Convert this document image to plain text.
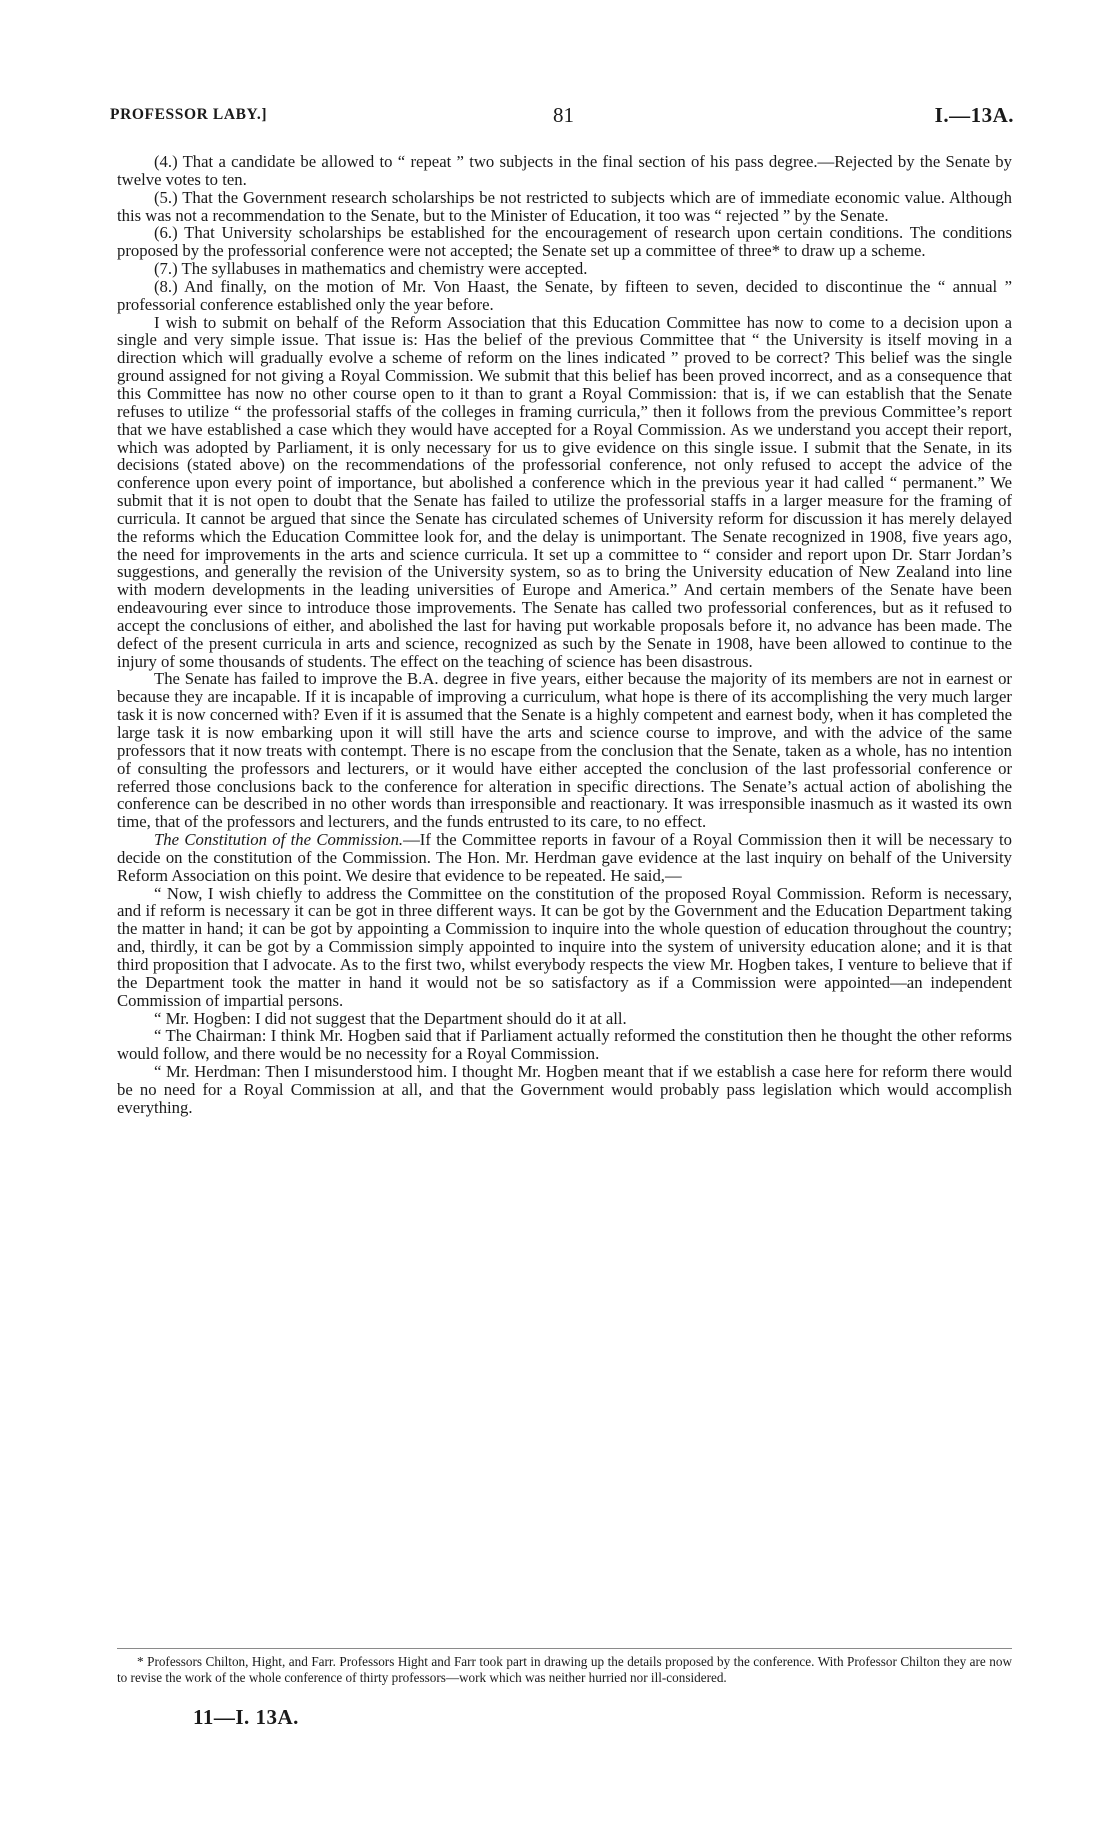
PROFESSOR LABY.]	81	I.—13A.

(4.) That a candidate be allowed to “ repeat ” two subjects in the final section of his pass degree.—Rejected by the Senate by twelve votes to ten.

(5.) That the Government research scholarships be not restricted to subjects which are of immediate economic value. Although this was not a recommendation to the Senate, but to the Minister of Education, it too was “ rejected ” by the Senate.

(6.) That University scholarships be established for the encouragement of research upon certain conditions. The conditions proposed by the professorial conference were not accepted; the Senate set up a committee of three* to draw up a scheme.

(7.) The syllabuses in mathematics and chemistry were accepted.

(8.) And finally, on the motion of Mr. Von Haast, the Senate, by fifteen to seven, decided to discontinue the “ annual ” professorial conference established only the year before.

I wish to submit on behalf of the Reform Association that this Education Committee has now to come to a decision upon a single and very simple issue. That issue is: Has the belief of the previous Committee that “ the University is itself moving in a direction which will gradually evolve a scheme of reform on the lines indicated ” proved to be correct? This belief was the single ground assigned for not giving a Royal Commission. We submit that this belief has been proved incorrect, and as a consequence that this Committee has now no other course open to it than to grant a Royal Commission: that is, if we can establish that the Senate refuses to utilize “ the professorial staffs of the colleges in framing curricula,” then it follows from the previous Committee’s report that we have established a case which they would have accepted for a Royal Commission. As we understand you accept their report, which was adopted by Parliament, it is only necessary for us to give evidence on this single issue. I submit that the Senate, in its decisions (stated above) on the recommendations of the professorial conference, not only refused to accept the advice of the conference upon every point of importance, but abolished a conference which in the previous year it had called “ permanent.” We submit that it is not open to doubt that the Senate has failed to utilize the professorial staffs in a larger measure for the framing of curricula. It cannot be argued that since the Senate has circulated schemes of University reform for discussion it has merely delayed the reforms which the Education Committee look for, and the delay is unimportant. The Senate recognized in 1908, five years ago, the need for improvements in the arts and science curricula. It set up a committee to “ consider and report upon Dr. Starr Jordan’s suggestions, and generally the revision of the University system, so as to bring the University education of New Zealand into line with modern developments in the leading universities of Europe and America.” And certain members of the Senate have been endeavouring ever since to introduce those improvements. The Senate has called two professorial conferences, but as it refused to accept the conclusions of either, and abolished the last for having put workable proposals before it, no advance has been made. The defect of the present curricula in arts and science, recognized as such by the Senate in 1908, have been allowed to continue to the injury of some thousands of students. The effect on the teaching of science has been disastrous.

The Senate has failed to improve the B.A. degree in five years, either because the majority of its members are not in earnest or because they are incapable. If it is incapable of improving a curriculum, what hope is there of its accomplishing the very much larger task it is now concerned with? Even if it is assumed that the Senate is a highly competent and earnest body, when it has completed the large task it is now embarking upon it will still have the arts and science course to improve, and with the advice of the same professors that it now treats with contempt. There is no escape from the conclusion that the Senate, taken as a whole, has no intention of consulting the professors and lecturers, or it would have either accepted the conclusion of the last professorial conference or referred those conclusions back to the conference for alteration in specific directions. The Senate’s actual action of abolishing the conference can be described in no other words than irresponsible and reactionary. It was irresponsible inasmuch as it wasted its own time, that of the professors and lecturers, and the funds entrusted to its care, to no effect.

The Constitution of the Commission.—If the Committee reports in favour of a Royal Commission then it will be necessary to decide on the constitution of the Commission. The Hon. Mr. Herdman gave evidence at the last inquiry on behalf of the University Reform Association on this point. We desire that evidence to be repeated. He said,—

“ Now, I wish chiefly to address the Committee on the constitution of the proposed Royal Commission. Reform is necessary, and if reform is necessary it can be got in three different ways. It can be got by the Government and the Education Department taking the matter in hand; it can be got by appointing a Commission to inquire into the whole question of education throughout the country; and, thirdly, it can be got by a Commission simply appointed to inquire into the system of university education alone; and it is that third proposition that I advocate. As to the first two, whilst everybody respects the view Mr. Hogben takes, I venture to believe that if the Department took the matter in hand it would not be so satisfactory as if a Commission were appointed—an independent Commission of impartial persons.

“ Mr. Hogben: I did not suggest that the Department should do it at all.

“ The Chairman: I think Mr. Hogben said that if Parliament actually reformed the constitution then he thought the other reforms would follow, and there would be no necessity for a Royal Commission.

“ Mr. Herdman: Then I misunderstood him. I thought Mr. Hogben meant that if we establish a case here for reform there would be no need for a Royal Commission at all, and that the Government would probably pass legislation which would accomplish everything.

* Professors Chilton, Hight, and Farr. Professors Hight and Farr took part in drawing up the details proposed by the conference. With Professor Chilton they are now to revise the work of the whole conference of thirty professors—work which was neither hurried nor ill-considered.

11—I. 13A.
